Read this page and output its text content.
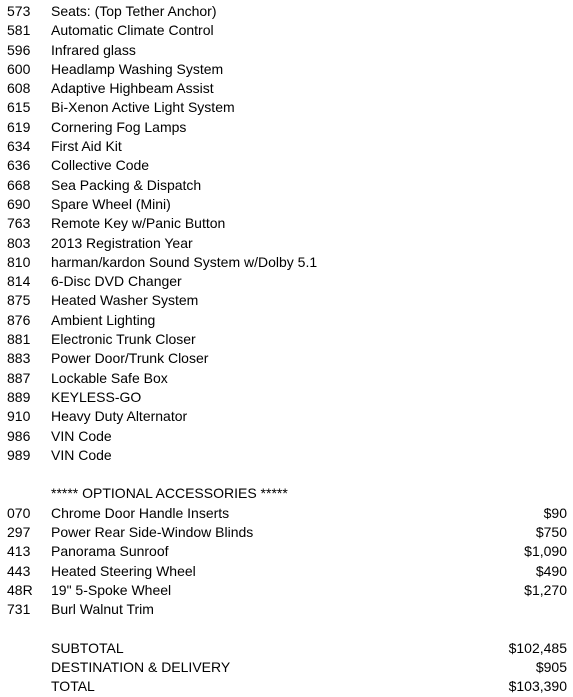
573 Seats: (Top Tether Anchor)
581 Automatic Climate Control
596 Infrared glass
600 Headlamp Washing System
608 Adaptive Highbeam Assist
615 Bi-Xenon Active Light System
619 Cornering Fog Lamps
634 First Aid Kit
636 Collective Code
668 Sea Packing & Dispatch
690 Spare Wheel (Mini)
763 Remote Key w/Panic Button
803 2013 Registration Year
810 harman/kardon Sound System w/Dolby 5.1
814 6-Disc DVD Changer
875 Heated Washer System
876 Ambient Lighting
881 Electronic Trunk Closer
883 Power Door/Trunk Closer
887 Lockable Safe Box
889 KEYLESS-GO
910 Heavy Duty Alternator
986 VIN Code
989 VIN Code
***** OPTIONAL ACCESSORIES *****
070 Chrome Door Handle Inserts	$90
297 Power Rear Side-Window Blinds	$750
413 Panorama Sunroof	$1,090
443 Heated Steering Wheel	$490
48R 19" 5-Spoke Wheel	$1,270
731 Burl Walnut Trim
SUBTOTAL	$102,485
DESTINATION & DELIVERY	$905
TOTAL	$103,390
